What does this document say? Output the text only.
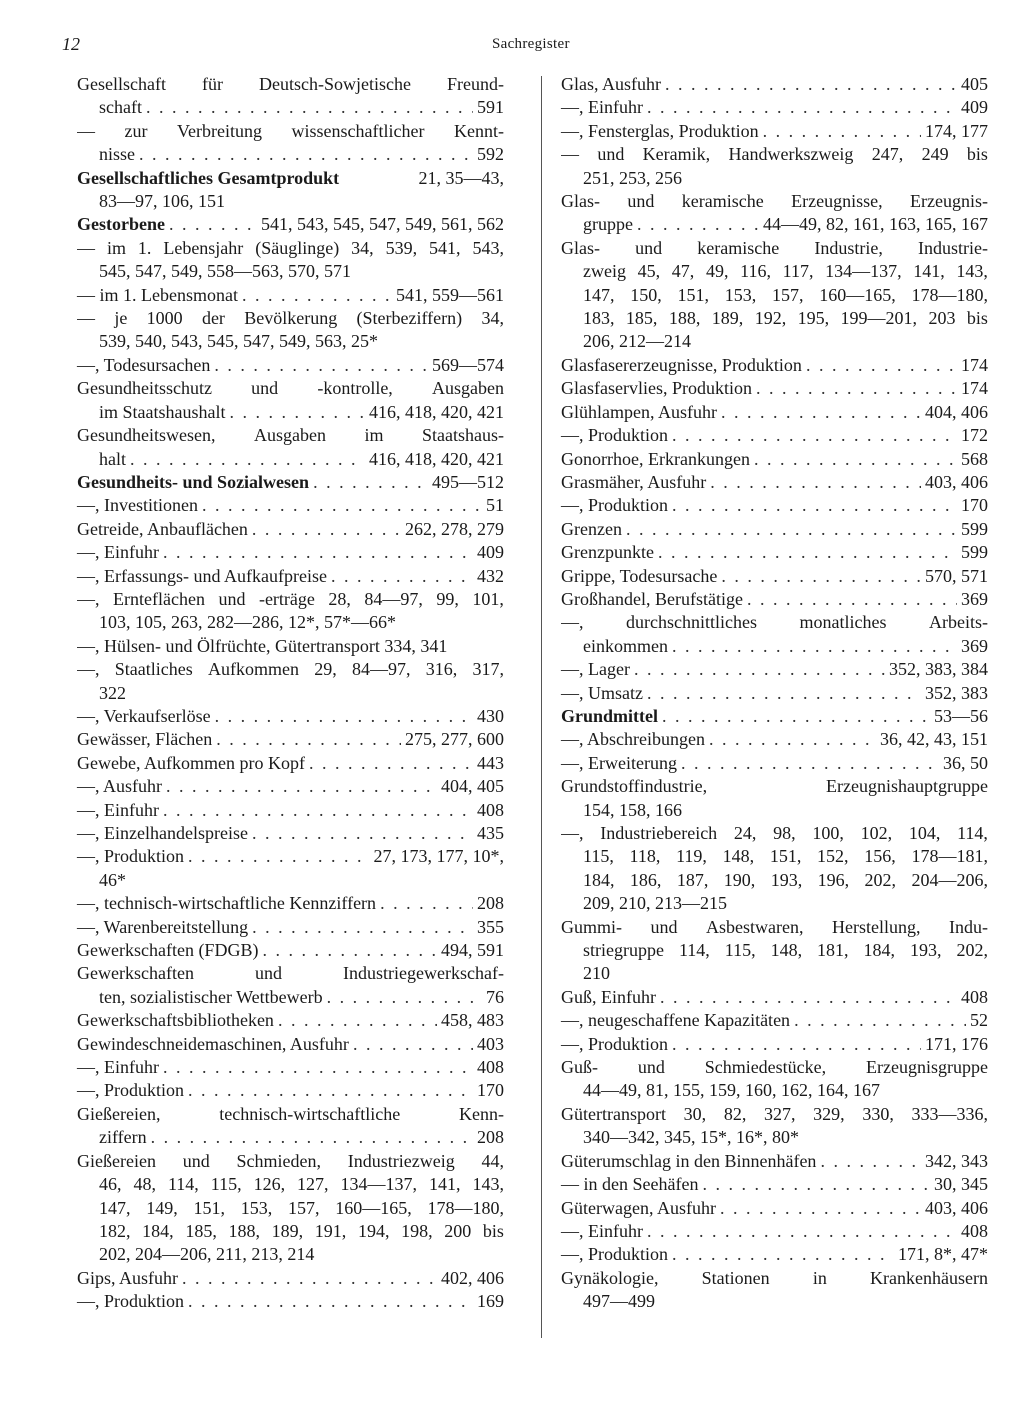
12	Sachregister
Gesellschaft für Deutsch-Sowjetische Freund-
schaft . . .	591
— zur Verbreitung wissenschaftlicher Kennt-
nisse . . .	592
Gesellschaftliches Gesamtprodukt	21, 35—43,
83—97, 106, 151
Gestorbene . . .	541, 543, 545, 547, 549, 561, 562
— im 1. Lebensjahr (Säuglinge) 34, 539, 541, 543,
545, 547, 549, 558—563, 570, 571
— im 1. Lebensmonat . . .	541, 559—561
— je 1000 der Bevölkerung (Sterbeziffern) 34,
539, 540, 543, 545, 547, 549, 563, 25*
—, Todesursachen . . .	569—574
Gesundheitsschutz und -kontrolle, Ausgaben
im Staatshaushalt . . .	416, 418, 420, 421
Gesundheitswesen, Ausgaben im Staatshaus-
halt . . .	416, 418, 420, 421
Gesundheits- und Sozialwesen . . .	495—512
—, Investitionen . . .	51
Getreide, Anbauflächen . . .	262, 278, 279
—, Einfuhr . . .	409
—, Erfassungs- und Aufkaufpreise . . .	432
—, Ernteflächen und -erträge 28, 84—97, 99, 101,
103, 105, 263, 282—286, 12*, 57*—66*
—, Hülsen- und Ölfrüchte, Gütertransport 334, 341
—, Staatliches Aufkommen 29, 84—97, 316, 317,
322
—, Verkaufserlöse . . .	430
Gewässer, Flächen . . .	275, 277, 600
Gewebe, Aufkommen pro Kopf . . .	443
—, Ausfuhr . . .	404, 405
—, Einfuhr . . .	408
—, Einzelhandelspreise . . .	435
—, Produktion . . .	27, 173, 177, 10*,
46*
—, technisch-wirtschaftliche Kennziffern . . .	208
—, Warenbereitstellung . . .	355
Gewerkschaften (FDGB) . . .	494, 591
Gewerkschaften	und	Industriegewerkschaf-
ten, sozialistischer Wettbewerb . . .	76
Gewerkschaftsbibliotheken . . .	458, 483
Gewindeschneidemaschinen, Ausfuhr . . .	403
—, Einfuhr . . .	408
—, Produktion . . .	170
Gießereien,	technisch-wirtschaftliche	Kenn-
ziffern . . .	208
Gießereien und Schmieden, Industriezweig 44,
46, 48, 114, 115, 126, 127, 134—137, 141, 143,
147, 149, 151, 153, 157, 160—165, 178—180,
182, 184, 185, 188, 189, 191, 194, 198, 200 bis
202, 204—206, 211, 213, 214
Gips, Ausfuhr . . .	402, 406
—, Produktion . . .	169
Glas, Ausfuhr . . .	405
—, Einfuhr . . .	409
—, Fensterglas, Produktion . . .	174, 177
— und Keramik, Handwerkszweig 247, 249 bis
251, 253, 256
Glas- und keramische Erzeugnisse, Erzeugnis-
gruppe . . .	44—49, 82, 161, 163, 165, 167
Glas- und keramische Industrie, Industrie-
zweig 45, 47, 49, 116, 117, 134—137, 141, 143,
147, 150, 151, 153, 157, 160—165, 178—180,
183, 185, 188, 189, 192, 195, 199—201, 203 bis
206, 212—214
Glasfasererzeugnisse, Produktion . . .	174
Glasfaservlies, Produktion . . .	174
Glühlampen, Ausfuhr . . .	404, 406
—, Produktion . . .	172
Gonorrhoe, Erkrankungen . . .	568
Grasmäher, Ausfuhr . . .	403, 406
—, Produktion . . .	170
Grenzen . . .	599
Grenzpunkte . . .	599
Grippe, Todesursache . . .	570, 571
Großhandel, Berufstätige . . .	369
—, durchschnittliches monatliches Arbeits-
einkommen . . .	369
—, Lager . . .	352, 383, 384
—, Umsatz . . .	352, 383
Grundmittel . . .	53—56
—, Abschreibungen . . .	36, 42, 43, 151
—, Erweiterung . . .	36, 50
Grundstoffindustrie,	Erzeugnishauptgruppe
154, 158, 166
—, Industriebereich 24, 98, 100, 102, 104, 114,
115, 118, 119, 148, 151, 152, 156, 178—181,
184, 186, 187, 190, 193, 196, 202, 204—206,
209, 210, 213—215
Gummi- und Asbestwaren, Herstellung, Indu-
striegruppe 114, 115, 148, 181, 184, 193, 202,
210
Guß, Einfuhr . . .	408
—, neugeschaffene Kapazitäten . . .	52
—, Produktion . . .	171, 176
Guß- und Schmiedestücke, Erzeugnisgruppe
44—49, 81, 155, 159, 160, 162, 164, 167
Gütertransport 30, 82, 327, 329, 330, 333—336,
340—342, 345, 15*, 16*, 80*
Güterumschlag in den Binnenhäfen . . .	342, 343
— in den Seehäfen . . .	30, 345
Güterwagen, Ausfuhr . . .	403, 406
—, Einfuhr . . .	408
—, Produktion . . .	171, 8*, 47*
Gynäkologie, Stationen in Krankenhäusern
497—499
